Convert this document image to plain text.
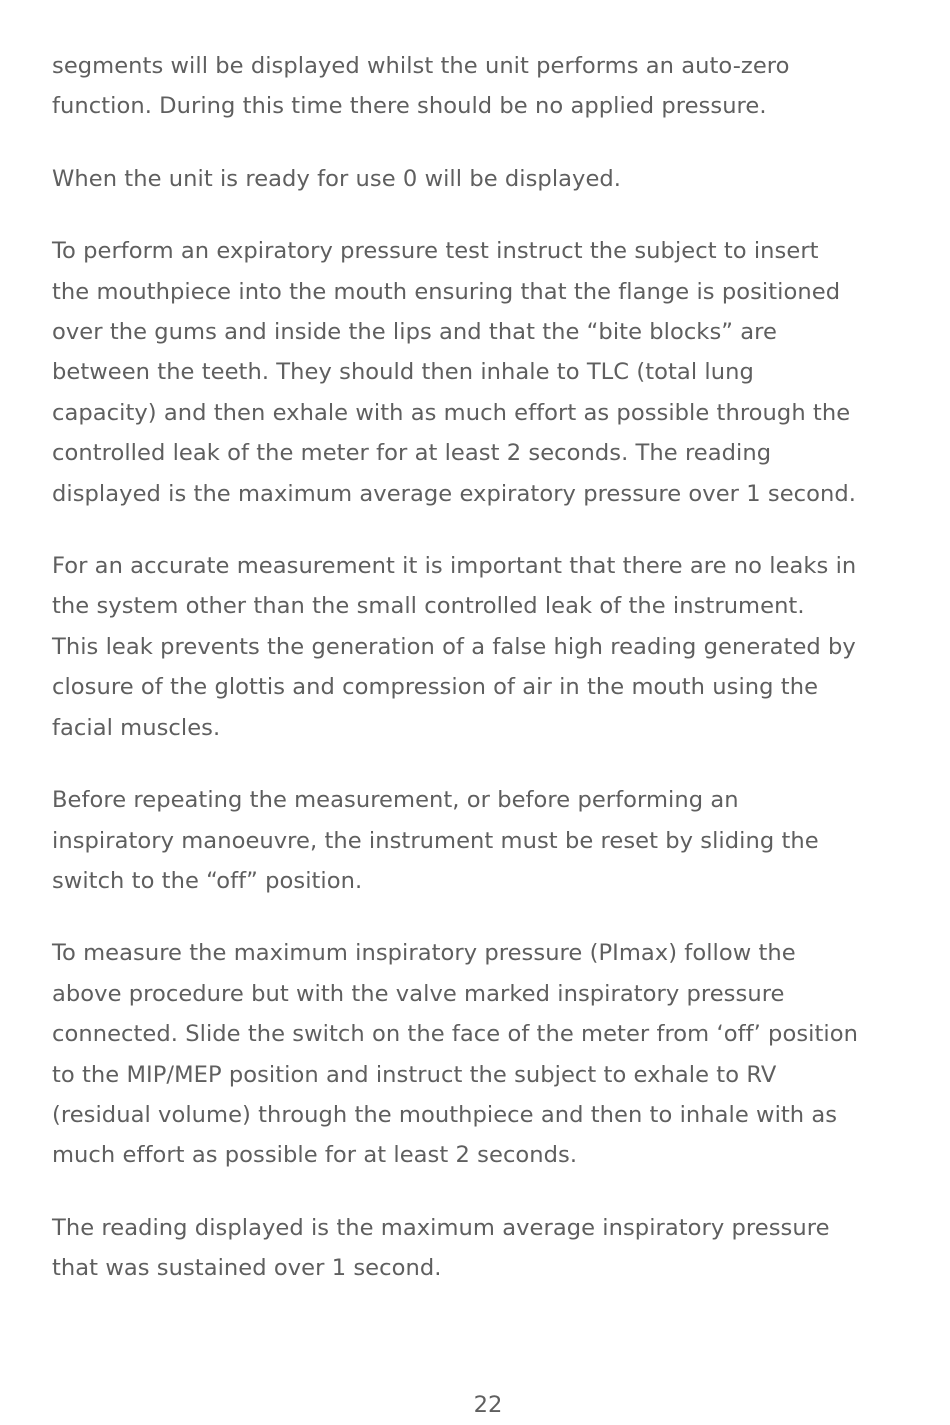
segments will be displayed whilst the unit performs an auto-zero
function. During this time there should be no applied pressure.

When the unit is ready for use 0 will be displayed.

To perform an expiratory pressure test instruct the subject to insert
the mouthpiece into the mouth ensuring that the flange is positioned
over the gums and inside the lips and that the “bite blocks” are
between the teeth. They should then inhale to TLC (total lung
capacity) and then exhale with as much effort as possible through the
controlled leak of the meter for at least 2 seconds. The reading
displayed is the maximum average expiratory pressure over 1 second.

For an accurate measurement it is important that there are no leaks in
the system other than the small controlled leak of the instrument.
This leak prevents the generation of a false high reading generated by
closure of the glottis and compression of air in the mouth using the
facial muscles.

Before repeating the measurement, or before performing an
inspiratory manoeuvre, the instrument must be reset by sliding the
switch to the “off” position.

To measure the maximum inspiratory pressure (PImax) follow the
above procedure but with the valve marked inspiratory pressure
connected. Slide the switch on the face of the meter from ‘off’ position
to the MIP/MEP position and instruct the subject to exhale to RV
(residual volume) through the mouthpiece and then to inhale with as
much effort as possible for at least 2 seconds.

The reading displayed is the maximum average inspiratory pressure
that was sustained over 1 second.

22
